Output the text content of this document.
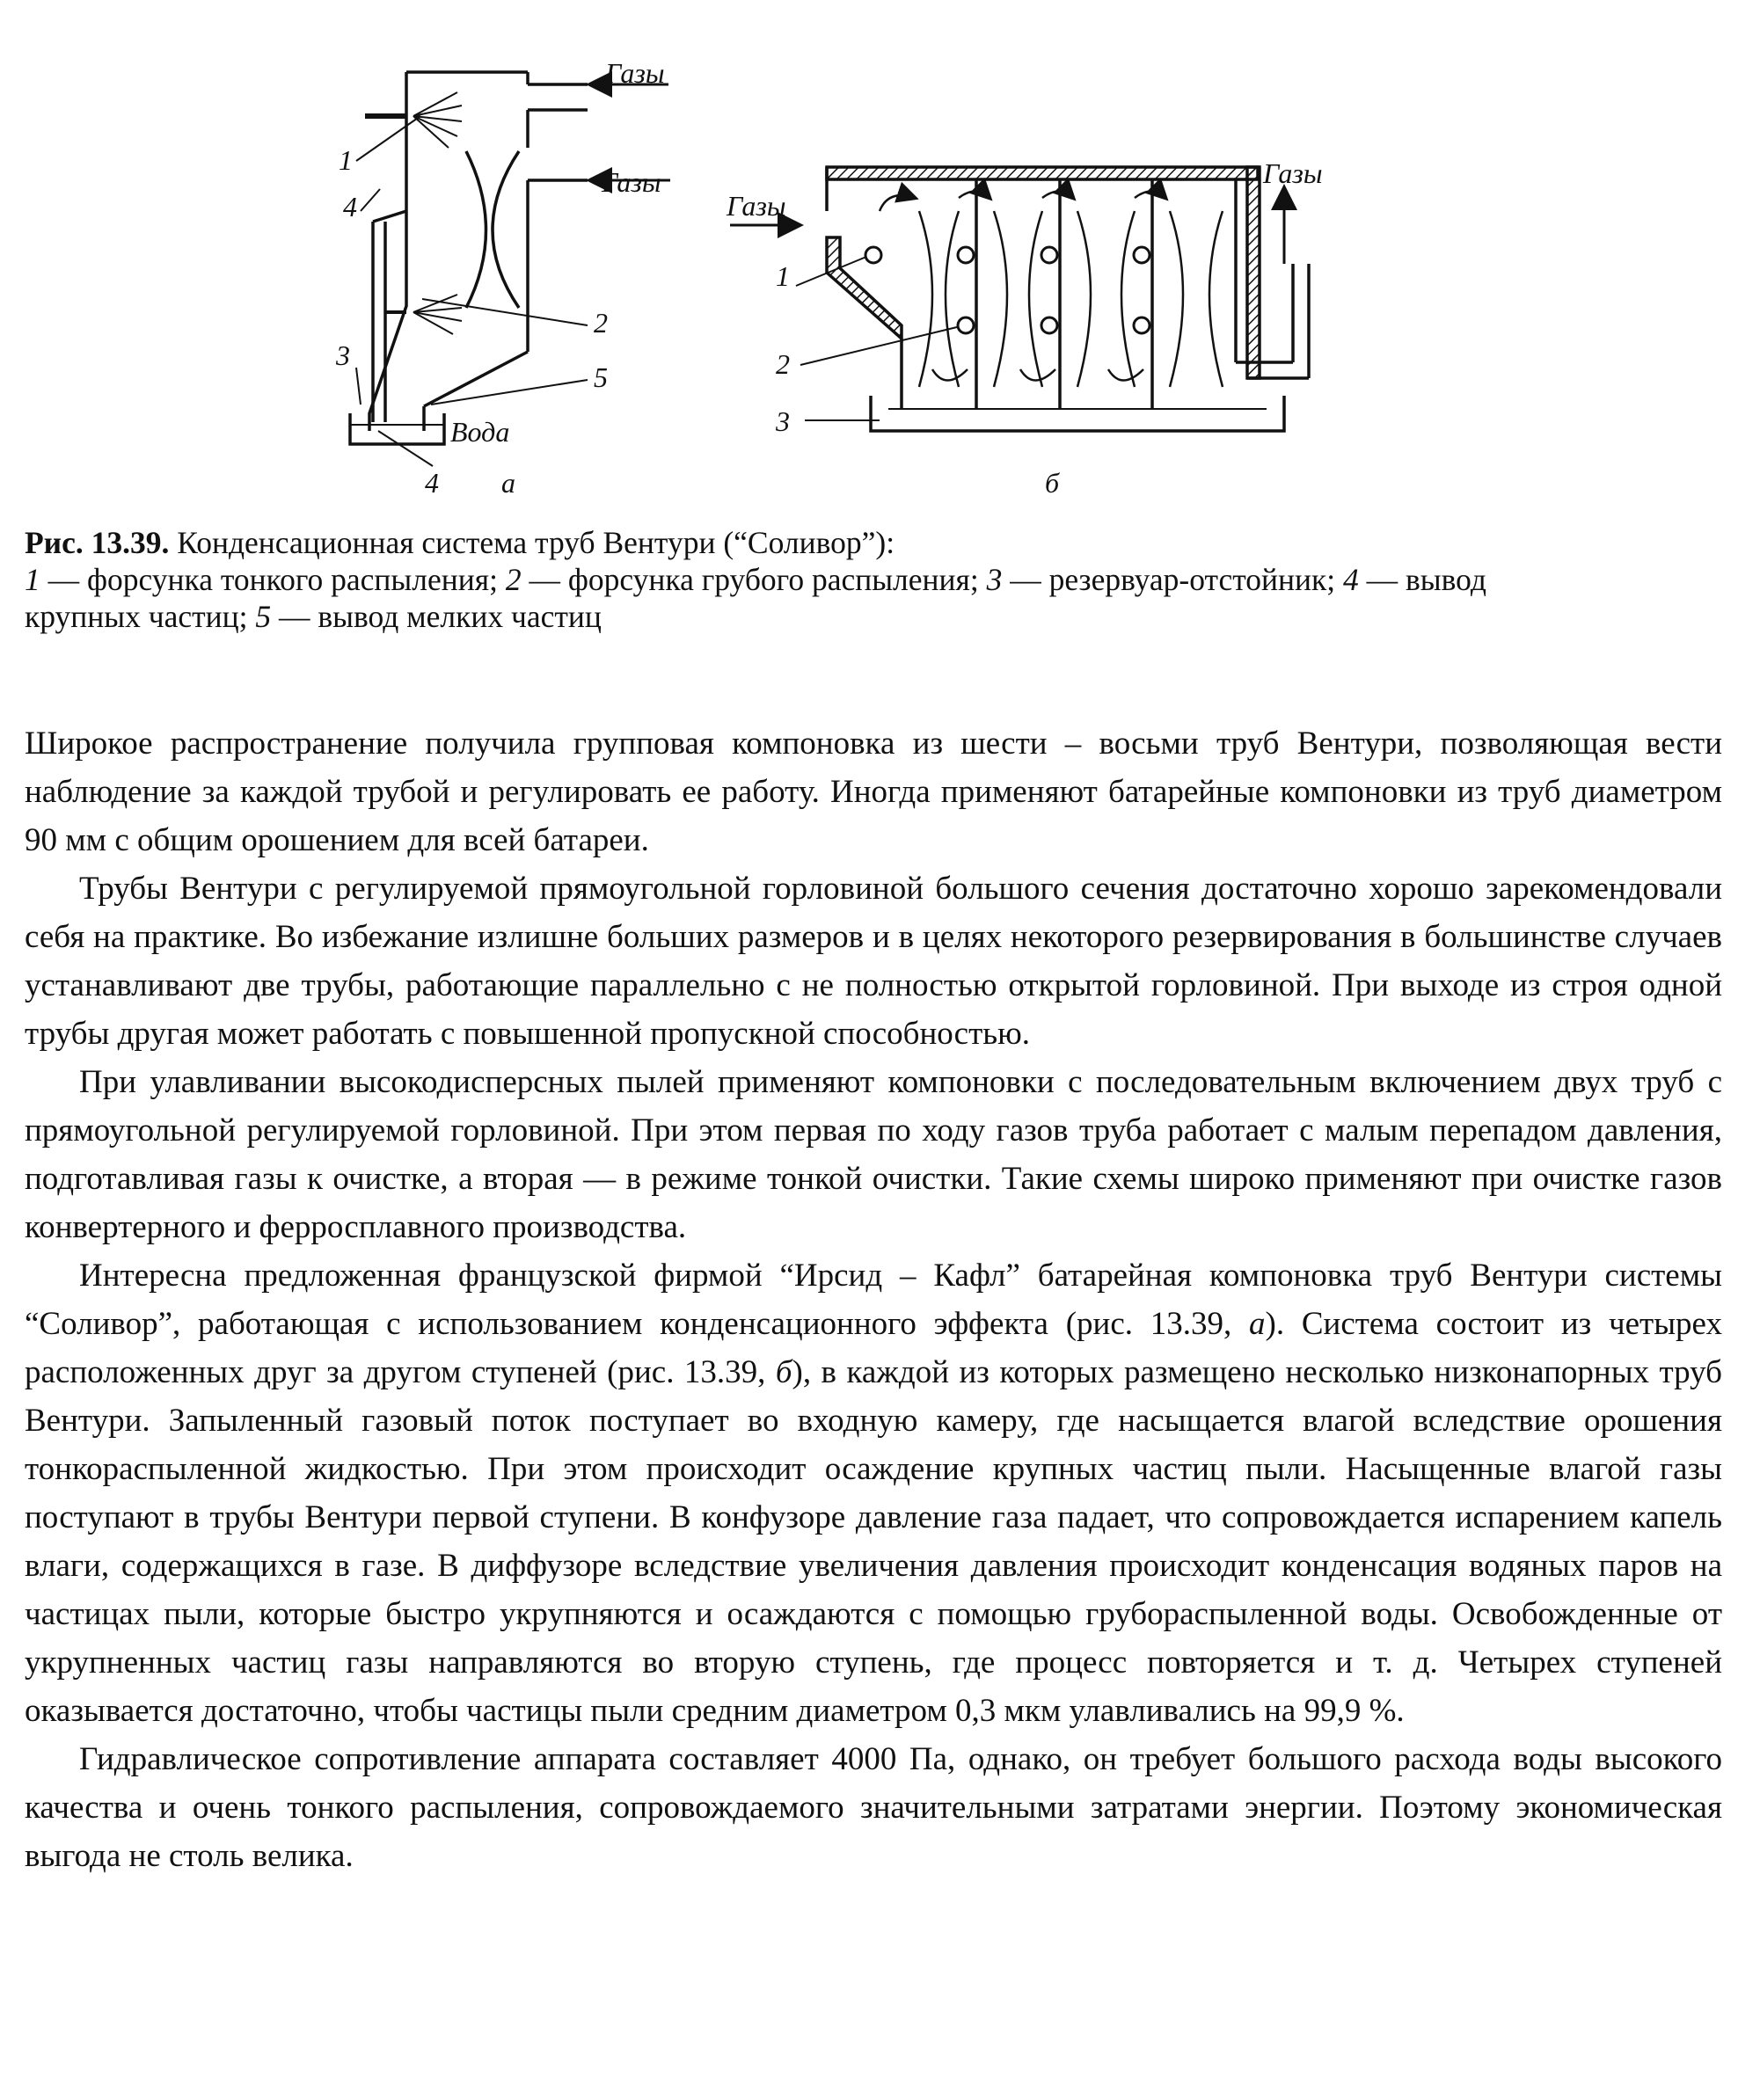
Газы
Газы
Вода
1
4
2
3
5
4 а
Газы
Газы
1
2
3
б
Рис. 13.39. Конденсационная система труб Вентури (“Соливор”):
1 — форсунка тонкого распыления; 2 — форсунка грубого распыления; 3 — резервуар-отстойник; 4 — вывод
крупных частиц; 5 — вывод мелких частиц

Широкое распространение получила групповая компоновка из шести – восьми труб Вентури, позволяющая вести наблюдение за каждой трубой и регулировать ее работу. Иногда применяют батарейные компоновки из труб диаметром 90 мм с общим орошением для всей батареи.

Трубы Вентури с регулируемой прямоугольной горловиной большого сечения достаточно хорошо зарекомендовали себя на практике. Во избежание излишне больших размеров и в целях некоторого резервирования в большинстве случаев устанавливают две трубы, работающие параллельно с не полностью открытой горловиной. При выходе из строя одной трубы другая может работать с повышенной пропускной способностью.

При улавливании высокодисперсных пылей применяют компоновки с последовательным включением двух труб с прямоугольной регулируемой горловиной. При этом первая по ходу газов труба работает с малым перепадом давления, подготавливая газы к очистке, а вторая — в режиме тонкой очистки. Такие схемы широко применяют при очистке газов конвертерного и ферросплавного производства.

Интересна предложенная французской фирмой “Ирсид – Кафл” батарейная компоновка труб Вентури системы “Соливор”, работающая с использованием конденсационного эффекта (рис. 13.39, а). Система состоит из четырех расположенных друг за другом ступеней (рис. 13.39, б), в каждой из которых размещено несколько низконапорных труб Вентури. Запыленный газовый поток поступает во входную камеру, где насыщается влагой вследствие орошения тонкораспыленной жидкостью. При этом происходит осаждение крупных частиц пыли. Насыщенные влагой газы поступают в трубы Вентури первой ступени. В конфузоре давление газа падает, что сопровождается испарением капель влаги, содержащихся в газе. В диффузоре вследствие увеличения давления происходит конденсация водяных паров на частицах пыли, которые быстро укрупняются и осаждаются с помощью грубораспыленной воды. Освобожденные от укрупненных частиц газы направляются во вторую ступень, где процесс повторяется и т. д. Четырех ступеней оказывается достаточно, чтобы частицы пыли средним диаметром 0,3 мкм улавливались на 99,9 %.

Гидравлическое сопротивление аппарата составляет 4000 Па, однако, он требует большого расхода воды высокого качества и очень тонкого распыления, сопровождаемого значительными затратами энергии. Поэтому экономическая выгода не столь велика.
